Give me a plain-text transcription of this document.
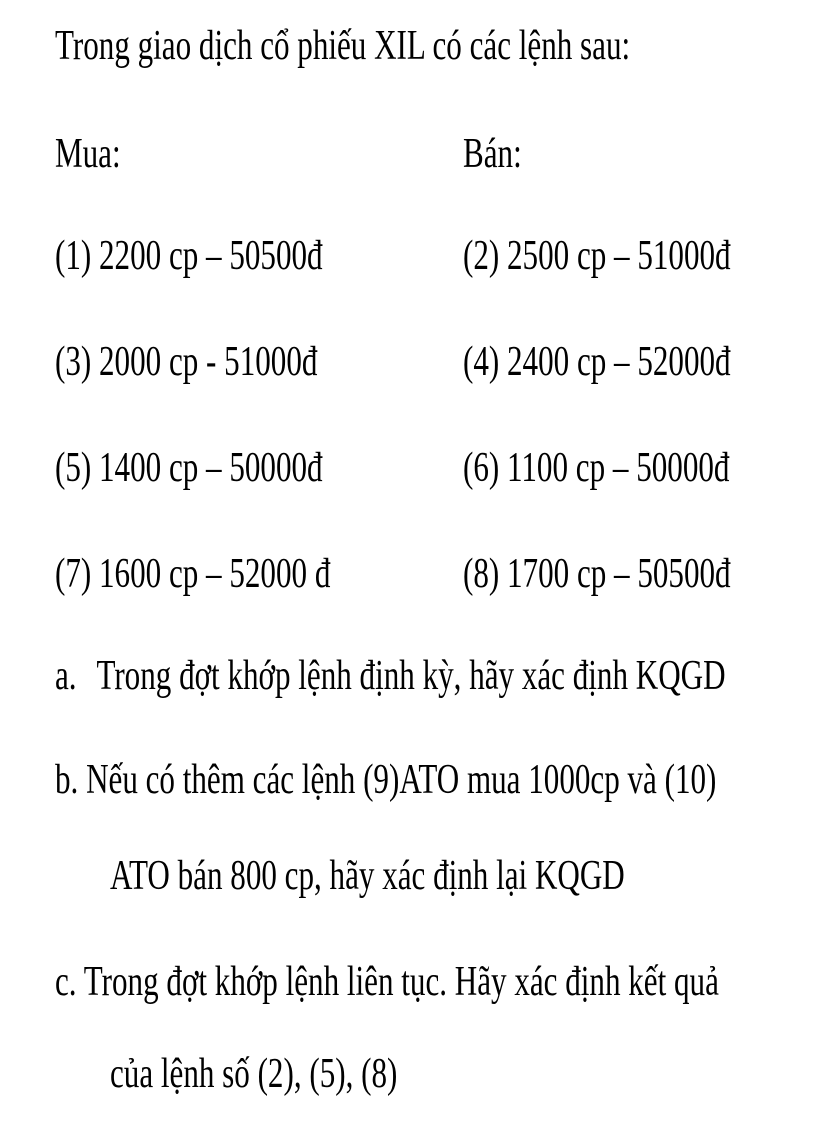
Trong giao dịch cổ phiếu XIL có các lệnh sau:
Mua:	Bán:
(1) 2200 cp – 50500đ	(2) 2500 cp – 51000đ
(3) 2000 cp - 51000đ	(4) 2400 cp – 52000đ
(5) 1400 cp – 50000đ	(6) 1100 cp – 50000đ
(7) 1600 cp – 52000 đ	(8) 1700 cp – 50500đ
a. Trong đợt khớp lệnh định kỳ, hãy xác định KQGD
b. Nếu có thêm các lệnh (9)ATO mua 1000cp và (10)
ATO bán 800 cp, hãy xác định lại KQGD
c. Trong đợt khớp lệnh liên tục. Hãy xác định kết quả
của lệnh số (2), (5), (8)
